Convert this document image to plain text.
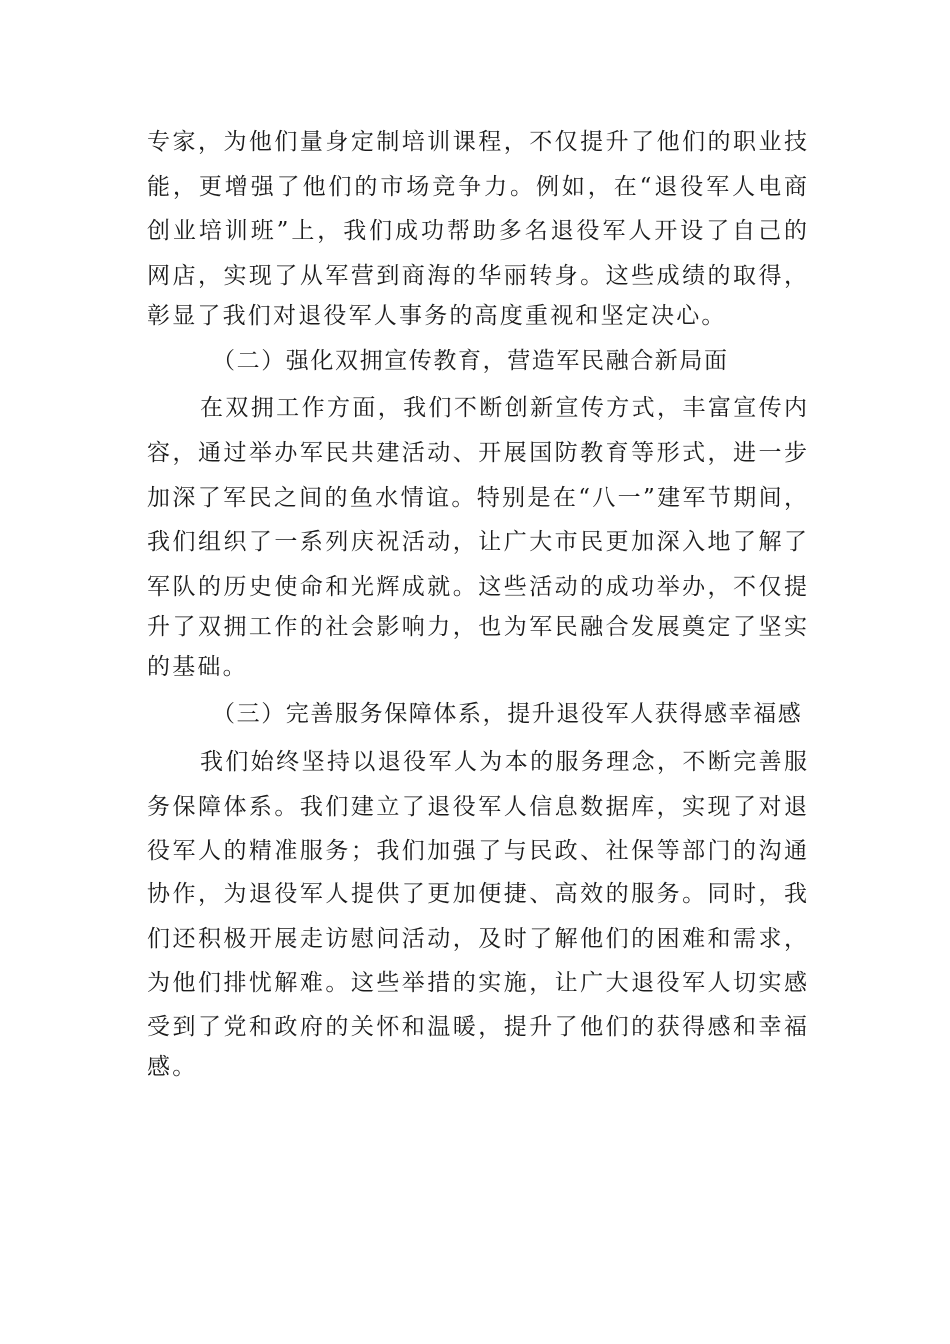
专家，为他们量身定制培训课程，不仅提升了他们的职业技
能，更增强了他们的市场竞争力。例如，在“退役军人电商
创业培训班”上，我们成功帮助多名退役军人开设了自己的
网店，实现了从军营到商海的华丽转身。这些成绩的取得，
彰显了我们对退役军人事务的高度重视和坚定决心。
（二）强化双拥宣传教育，营造军民融合新局面
在双拥工作方面，我们不断创新宣传方式，丰富宣传内
容，通过举办军民共建活动、开展国防教育等形式，进一步
加深了军民之间的鱼水情谊。特别是在“八一”建军节期间，
我们组织了一系列庆祝活动，让广大市民更加深入地了解了
军队的历史使命和光辉成就。这些活动的成功举办，不仅提
升了双拥工作的社会影响力，也为军民融合发展奠定了坚实
的基础。
（三）完善服务保障体系，提升退役军人获得感幸福感
我们始终坚持以退役军人为本的服务理念，不断完善服
务保障体系。我们建立了退役军人信息数据库，实现了对退
役军人的精准服务；我们加强了与民政、社保等部门的沟通
协作，为退役军人提供了更加便捷、高效的服务。同时，我
们还积极开展走访慰问活动，及时了解他们的困难和需求，
为他们排忧解难。这些举措的实施，让广大退役军人切实感
受到了党和政府的关怀和温暖，提升了他们的获得感和幸福
感。
